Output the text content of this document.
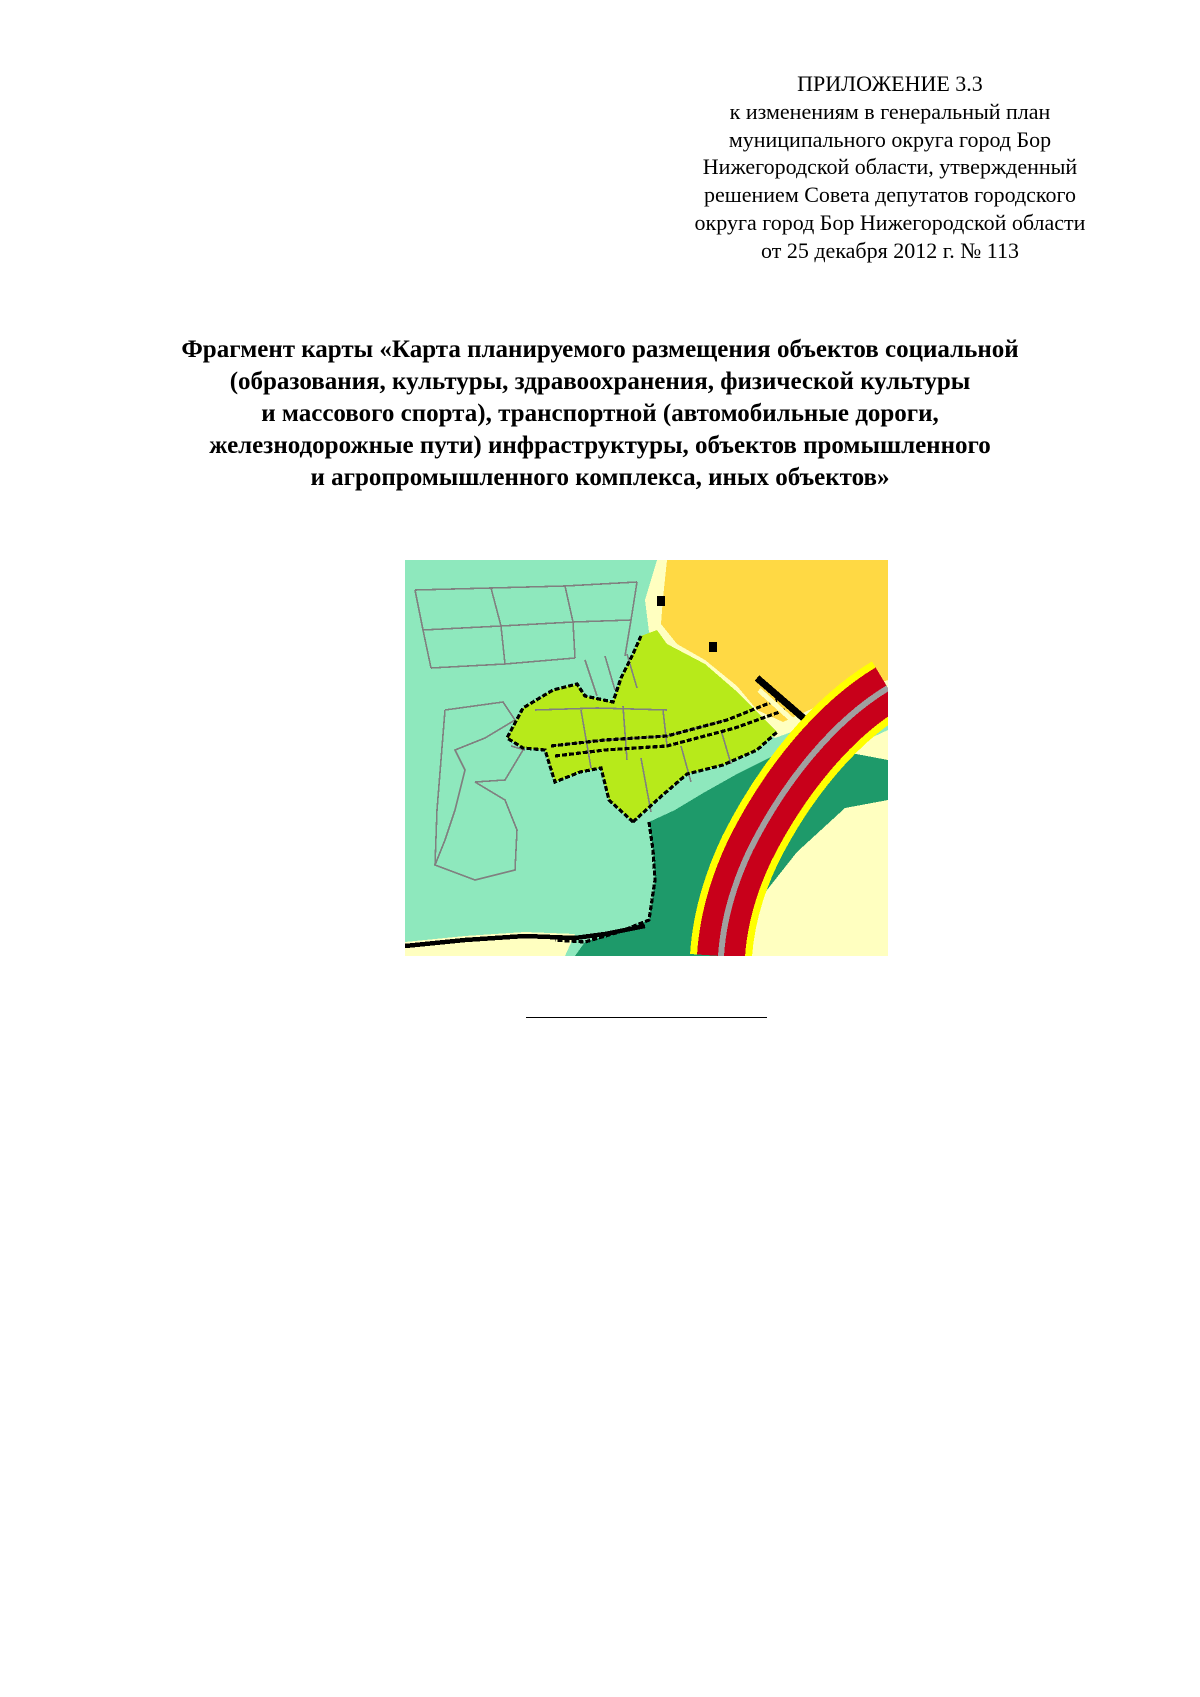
ПРИЛОЖЕНИЕ 3.3
к изменениям в генеральный план
муниципального округа город Бор
Нижегородской области, утвержденный
решением Совета депутатов городского
округа город Бор Нижегородской области
от 25 декабря 2012 г. № 113
Фрагмент карты «Карта планируемого размещения объектов социальной
(образования, культуры, здравоохранения, физической культуры
и массового спорта), транспортной (автомобильные дороги,
железнодорожные пути) инфраструктуры, объектов промышленного
и агропромышленного комплекса, иных объектов»
